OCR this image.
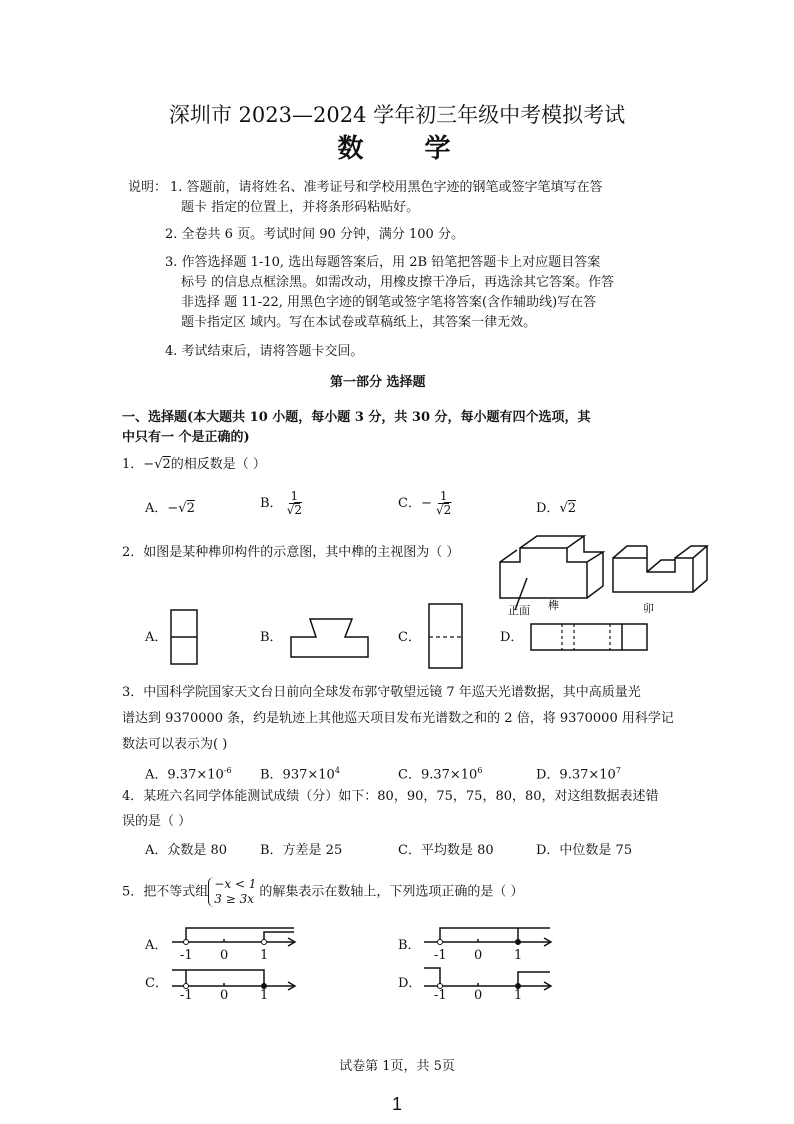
深圳市 2023—2024 学年初三年级中考模拟考试
数 学
说明： 1. 答题前，请将姓名、准考证号和学校用黑色字迹的钢笔或签字笔填写在答
题卡 指定的位置上，并将条形码粘贴好。
2. 全卷共 6 页。考试时间 90 分钟，满分 100 分。
3. 作答选择题 1-10, 选出每题答案后，用 2B 铅笔把答题卡上对应题目答案
标号 的信息点框涂黑。如需改动，用橡皮擦干净后，再选涂其它答案。作答
非选择 题 11-22, 用黑色字迹的钢笔或签字笔将答案(含作辅助线)写在答
题卡指定区 域内。写在本试卷或草稿纸上，其答案一律无效。
4. 考试结束后，请将答题卡交回。
第一部分 选择题
一、选择题(本大题共 10 小题，每小题 3 分，共 30 分，每小题有四个选项，其
中只有一 个是正确的)
1．−√2的相反数是（ ）
A．−√2	B． $\frac{1}{√2}$	C．− $\frac{1}{√2}$	D．√2
2．如图是某种榫卯构件的示意图，其中榫的主视图为（ ）
正面 榫	卯
A．	B．	C．	D．
3．中国科学院国家天文台日前向全球发布郭守敬望远镜 7 年巡天光谱数据，其中高质量光
谱达到 9370000 条，约是轨迹上其他巡天项目发布光谱数之和的 2 倍，将 9370000 用科学记
数法可以表示为( )
A．$9.37\times 10^{-6}$ B．$937\times 10^4$	C．$9.37\times 10^6$	D．$9.37\times 10^7$
4．某班六名同学体能测试成绩（分）如下：80，90，75，75，80，80，对这组数据表述错
误的是（ ）
A．众数是 80	B．方差是 25	C．平均数是 80	D．中位数是 75
5．把不等式组−x < 1
3 ≥ 3x 的解集表示在数轴上，下列选项正确的是（ ）
A．
-1 0 1
B．
-1 0 1
C．
-1 0 1
D．
-1 0 1
试卷第 1页，共 5页
1
